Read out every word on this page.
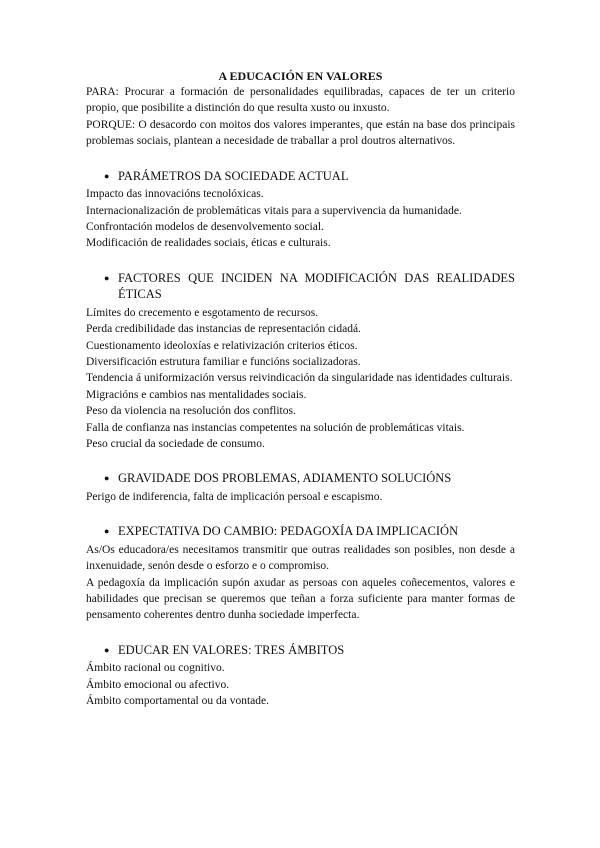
A EDUCACIÓN EN VALORES

PARA: Procurar a formación de personalidades equilibradas, capaces de ter un criterio propio, que posibilite a distinción do que resulta xusto ou inxusto.

PORQUE: O desacordo con moitos dos valores imperantes, que están na base dos principais problemas sociais, plantean a necesidade de traballar a prol doutros alternativos.

● PARÁMETROS DA SOCIEDADE ACTUAL

Impacto das innovacións tecnolóxicas.

Internacionalización de problemáticas vitais para a supervivencia da humanidade.

Confrontación modelos de desenvolvemento social.

Modificación de realidades sociais, éticas e culturais.

● FACTORES QUE INCIDEN NA MODIFICACIÓN DAS REALIDADES ÉTICAS

Límites do crecemento e esgotamento de recursos.

Perda credibilidade das instancias de representación cidadá.

Cuestionamento ideoloxías e relativización criterios éticos.

Diversificación estrutura familiar e funcións socializadoras.

Tendencia á uniformización versus reivindicación da singularidade nas identidades culturais.

Migracións e cambios nas mentalidades sociais.

Peso da violencia na resolución dos conflitos.

Falla de confianza nas instancias competentes na solución de problemáticas vitais.

Peso crucial da sociedade de consumo.

● GRAVIDADE DOS PROBLEMAS, ADIAMENTO SOLUCIÓNS

Perigo de indiferencia, falta de implicación persoal e escapismo.

● EXPECTATIVA DO CAMBIO: PEDAGOXÍA DA IMPLICACIÓN

As/Os educadora/es necesitamos transmitir que outras realidades son posibles, non desde a inxenuidade, senón desde o esforzo e o compromiso.

A pedagoxía da implicación supón axudar as persoas con aqueles coñecementos, valores e habilidades que precisan se queremos que teñan a forza suficiente para manter formas de pensamento coherentes dentro dunha sociedade imperfecta.

● EDUCAR EN VALORES: TRES ÁMBITOS

Ámbito racional ou cognitivo.

Ámbito emocional ou afectivo.

Ámbito comportamental ou da vontade.
